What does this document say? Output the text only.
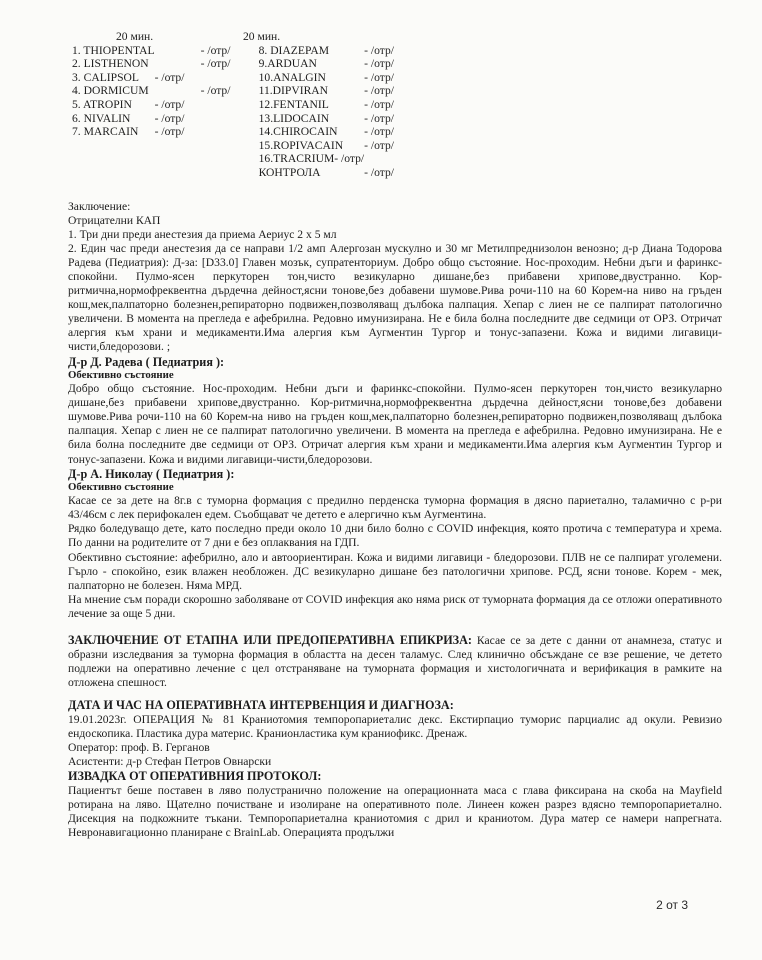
20 мин.		20 мин.	
1. THIOPENTAL		- /отр/	8. DIAZEPAM	- /отр/
2. LISTHENON		- /отр/	9.ARDUAN	- /отр/
3. CALIPSOL	- /отр/		10.ANALGIN	- /отр/
4. DORMICUM		- /отр/	11.DIPVIRAN	- /отр/
5. ATROPIN	- /отр/		12.FENTANIL	- /отр/
6. NIVALIN	- /отр/		13.LIDOCAIN	- /отр/
7. MARCAIN	- /отр/		14.CHIROCAIN	- /отр/
			15.ROPIVACAIN	- /отр/
			16.TRACRIUM- /отр/	
			КОНТРОЛА	- /отр/

Заключение:

Отрицателни КАП

1. Три дни преди анестезия да приема Аериус 2 х 5 мл

2. Един час преди анестезия да се направи 1/2 амп Алергозан мускулно и 30 мг Метилпреднизолон венозно; д-р Диана Тодорова Радева (Педиатрия): Д-за: [D33.0] Главен мозък, супратенториум. Добро общо състояние. Нос-проходим. Небни дъги и фаринкс-спокойни. Пулмо-ясен перкуторен тон,чисто везикуларно дишане,без прибавени хрипове,двустранно. Кор-ритмична,нормофреквентна дърдечна дейност,ясни тонове,без добавени шумове.Рива рочи-110 на 60 Корем-на ниво на гръден кош,мек,палпаторно болезнен,репираторно подвижен,позволяващ дълбока палпация. Хепар с лиен не се палпират патологично увеличени. В момента на прегледа е афебрилна. Редовно имунизирана. Не е била болна последните две седмици от ОРЗ. Отричат алергия към храни и медикаменти.Има алергия към Аугментин Тургор и тонус-запазени. Кожа и видими лигавици-чисти,бледорозови. ;

Д-р Д. Радева ( Педиатрия ):

Обективно състояние

Добро общо състояние. Нос-проходим. Небни дъги и фаринкс-спокойни. Пулмо-ясен перкуторен тон,чисто везикуларно дишане,без прибавени хрипове,двустранно. Кор-ритмична,нормофреквентна дърдечна дейност,ясни тонове,без добавени шумове.Рива рочи-110 на 60 Корем-на ниво на гръден кош,мек,палпаторно болезнен,репираторно подвижен,позволяващ дълбока палпация. Хепар с лиен не се палпират патологично увеличени. В момента на прегледа е афебрилна. Редовно имунизирана. Не е била болна последните две седмици от ОРЗ. Отричат алергия към храни и медикаменти.Има алергия към Аугментин Тургор и тонус-запазени. Кожа и видими лигавици-чисти,бледорозови.

Д-р А. Николау ( Педиатрия ):

Обективно състояние

Касае се за дете на 8г.в с туморна формация с предилно перденска туморна формация в дясно париетално, таламично с р-ри 43/46см с лек перифокален едем. Съобщават че детето е алергично към Аугментина.

Рядко боледуващо дете, като последно преди около 10 дни било болно с COVID инфекция, която протича с температура и хрема. По данни на родителите от 7 дни е без оплаквания на ГДП.

Обективно състояние: афебрилно, ало и автоориентиран. Кожа и видими лигавици - бледорозови. ПЛВ не се палпират уголемени. Гърло - спокойно, език влажен необложен. ДС везикуларно дишане без патологични хрипове. РСД, ясни тонове. Корем - мек, палпаторно не болезен. Няма МРД.

На мнение съм поради скорошно заболяване от COVID инфекция ако няма риск от туморната формация да се отложи оперативното лечение за още 5 дни.

ЗАКЛЮЧЕНИЕ ОТ ЕТАПНА ИЛИ ПРЕДОПЕРАТИВНА ЕПИКРИЗА: Касае се за дете с данни от анамнеза, статус и образни изследвания за туморна формация в областта на десен таламус. След клинично обсъждане се взе решение, че детето подлежи на оперативно лечение с цел отстраняване на туморната формация и хистологичната и верификация в рамките на отложена спешност.

ДАТА И ЧАС НА ОПЕРАТИВНАТА ИНТЕРВЕНЦИЯ И ДИАГНОЗА:

19.01.2023г. ОПЕРАЦИЯ № 81 Краниотомия темпоропариеталис декс. Екстирпацио тумориc парциалис ад окули. Ревизио ендоскопика. Пластика дура материс. Кранионластика кум краниофикс. Дренаж.

Оператор: проф. В. Герганов

Асистенти: д-р Стефан Петров Овнарски

ИЗВАДКА ОТ ОПЕРАТИВНИЯ ПРОТОКОЛ:

Пациентът беше поставен в ляво полустранично положение на операционната маса с глава фиксирана на скоба на Mayfield ротирана на ляво. Щателно почистване и изолиране на оперативното поле. Линеен кожен разрез вдясно темпоропариетално. Дисекция на подкожните тъкани. Темпоропариетална краниотомия с дрил и краниотом. Дура матер се намери напрегната. Невронавигационно планиране с BrainLab. Операцията продължи

2 от 3
